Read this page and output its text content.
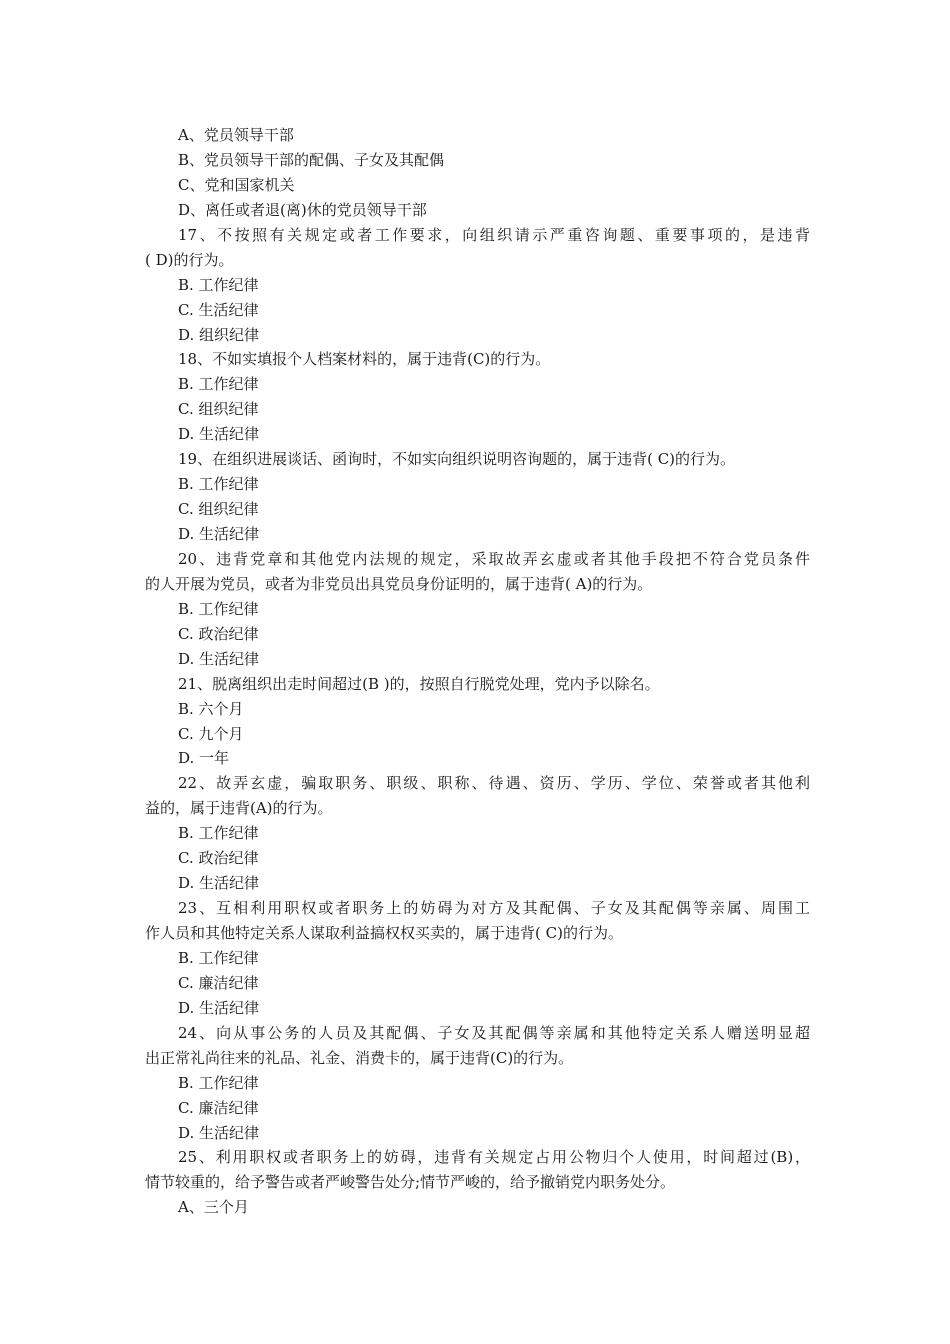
A、党员领导干部
B、党员领导干部的配偶、子女及其配偶
C、党和国家机关
D、离任或者退(离)休的党员领导干部
17、不按照有关规定或者工作要求，向组织请示严重咨询题、重要事项的，是违背
( D)的行为。
B. 工作纪律
C. 生活纪律
D. 组织纪律
18、不如实填报个人档案材料的，属于违背(C)的行为。
B. 工作纪律
C. 组织纪律
D. 生活纪律
19、在组织进展谈话、函询时，不如实向组织说明咨询题的，属于违背( C)的行为。
B. 工作纪律
C. 组织纪律
D. 生活纪律
20、违背党章和其他党内法规的规定，采取故弄玄虚或者其他手段把不符合党员条件
的人开展为党员，或者为非党员出具党员身份证明的，属于违背( A)的行为。
B. 工作纪律
C. 政治纪律
D. 生活纪律
21、脱离组织出走时间超过(B )的，按照自行脱党处理，党内予以除名。
B. 六个月
C. 九个月
D. 一年
22、故弄玄虚，骗取职务、职级、职称、待遇、资历、学历、学位、荣誉或者其他利
益的，属于违背(A)的行为。
B. 工作纪律
C. 政治纪律
D. 生活纪律
23、互相利用职权或者职务上的妨碍为对方及其配偶、子女及其配偶等亲属、周围工
作人员和其他特定关系人谋取利益搞权权买卖的，属于违背( C)的行为。
B. 工作纪律
C. 廉洁纪律
D. 生活纪律
24、向从事公务的人员及其配偶、子女及其配偶等亲属和其他特定关系人赠送明显超
出正常礼尚往来的礼品、礼金、消费卡的，属于违背(C)的行为。
B. 工作纪律
C. 廉洁纪律
D. 生活纪律
25、利用职权或者职务上的妨碍，违背有关规定占用公物归个人使用，时间超过(B)，
情节较重的，给予警告或者严峻警告处分;情节严峻的，给予撤销党内职务处分。
A、三个月
